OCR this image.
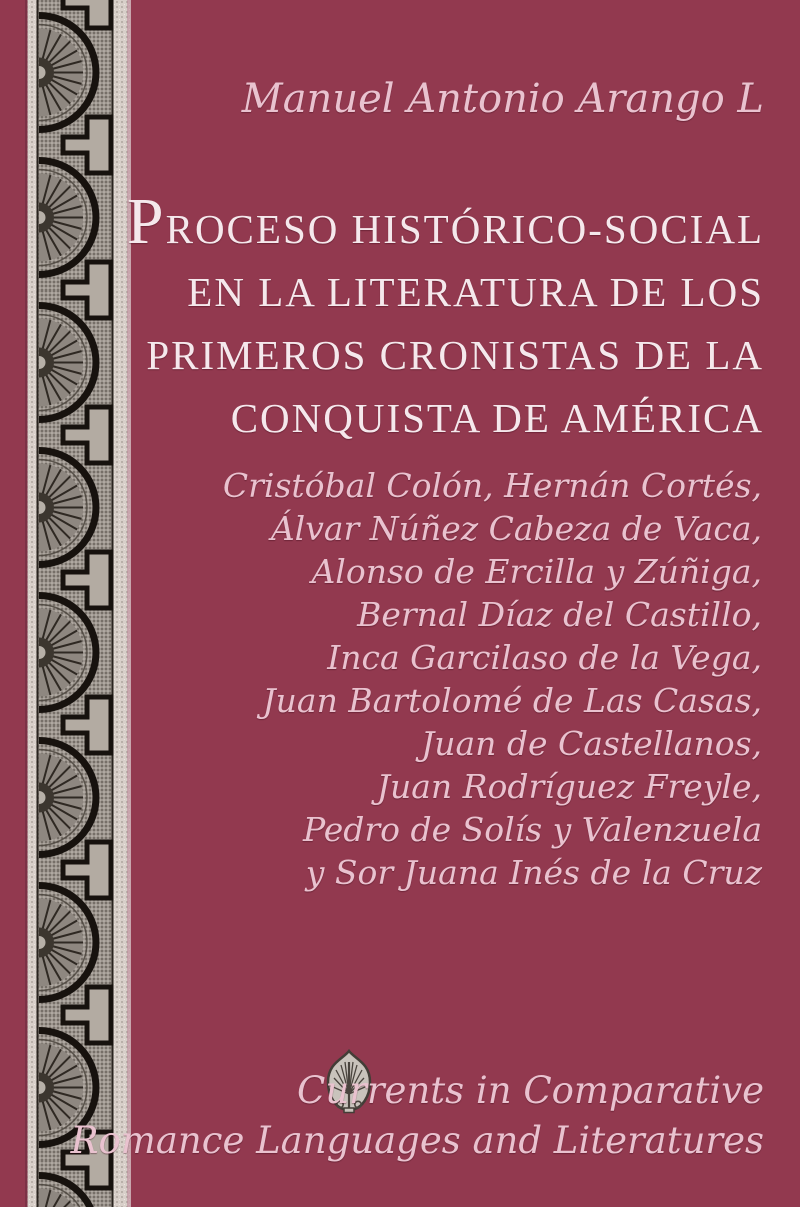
Manuel Antonio Arango L
PROCESO HISTÓRICO-SOCIAL
EN LA LITERATURA DE LOS
PRIMEROS CRONISTAS DE LA
CONQUISTA DE AMÉRICA
Cristóbal Colón, Hernán Cortés,
Álvar Núñez Cabeza de Vaca,
Alonso de Ercilla y Zúñiga,
Bernal Díaz del Castillo,
Inca Garcilaso de la Vega,
Juan Bartolomé de Las Casas,
Juan de Castellanos,
Juan Rodríguez Freyle,
Pedro de Solís y Valenzuela
y Sor Juana Inés de la Cruz
Currents in Comparative
Romance Languages and Literatures
